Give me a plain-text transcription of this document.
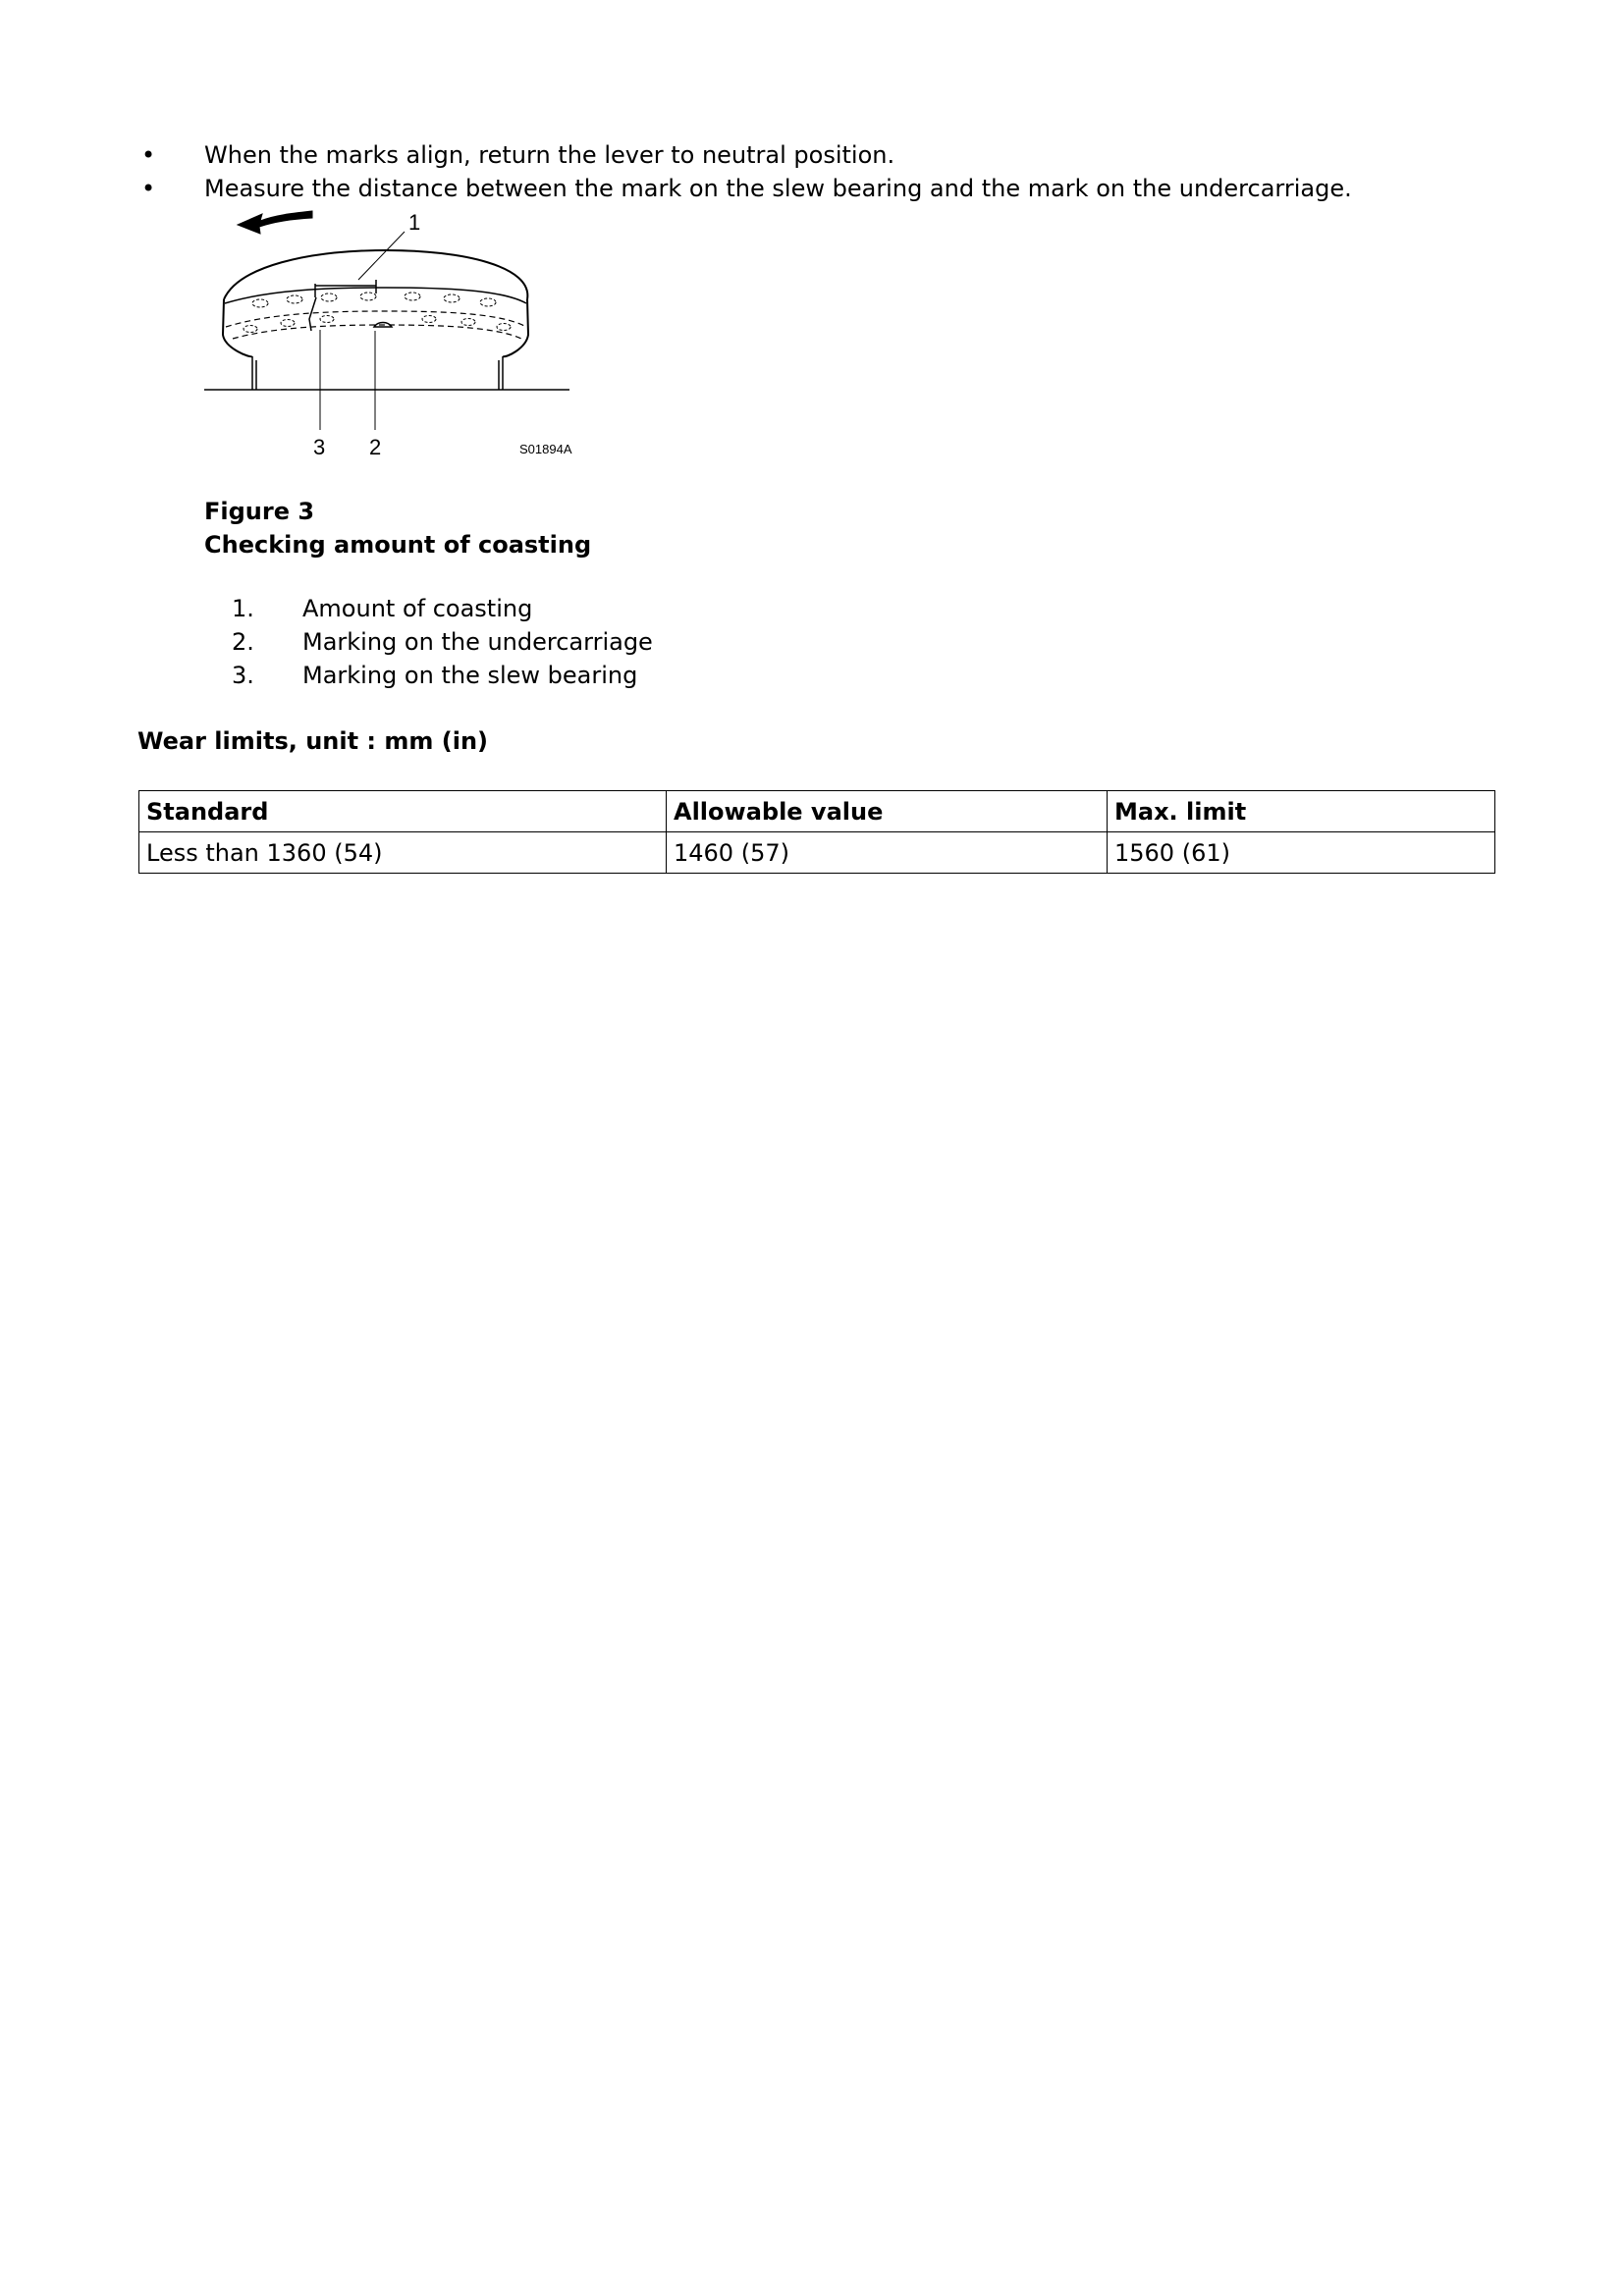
• When the marks align, return the lever to neutral position.
• Measure the distance between the mark on the slew bearing and the mark on the undercarriage.
1
3 2	S01894A
Figure 3
Checking amount of coasting
1. Amount of coasting
2. Marking on the undercarriage
3. Marking on the slew bearing
Wear limits, unit : mm (in)
Standard	Allowable value	Max. limit
Less than 1360 (54)	1460 (57)	1560 (61)
